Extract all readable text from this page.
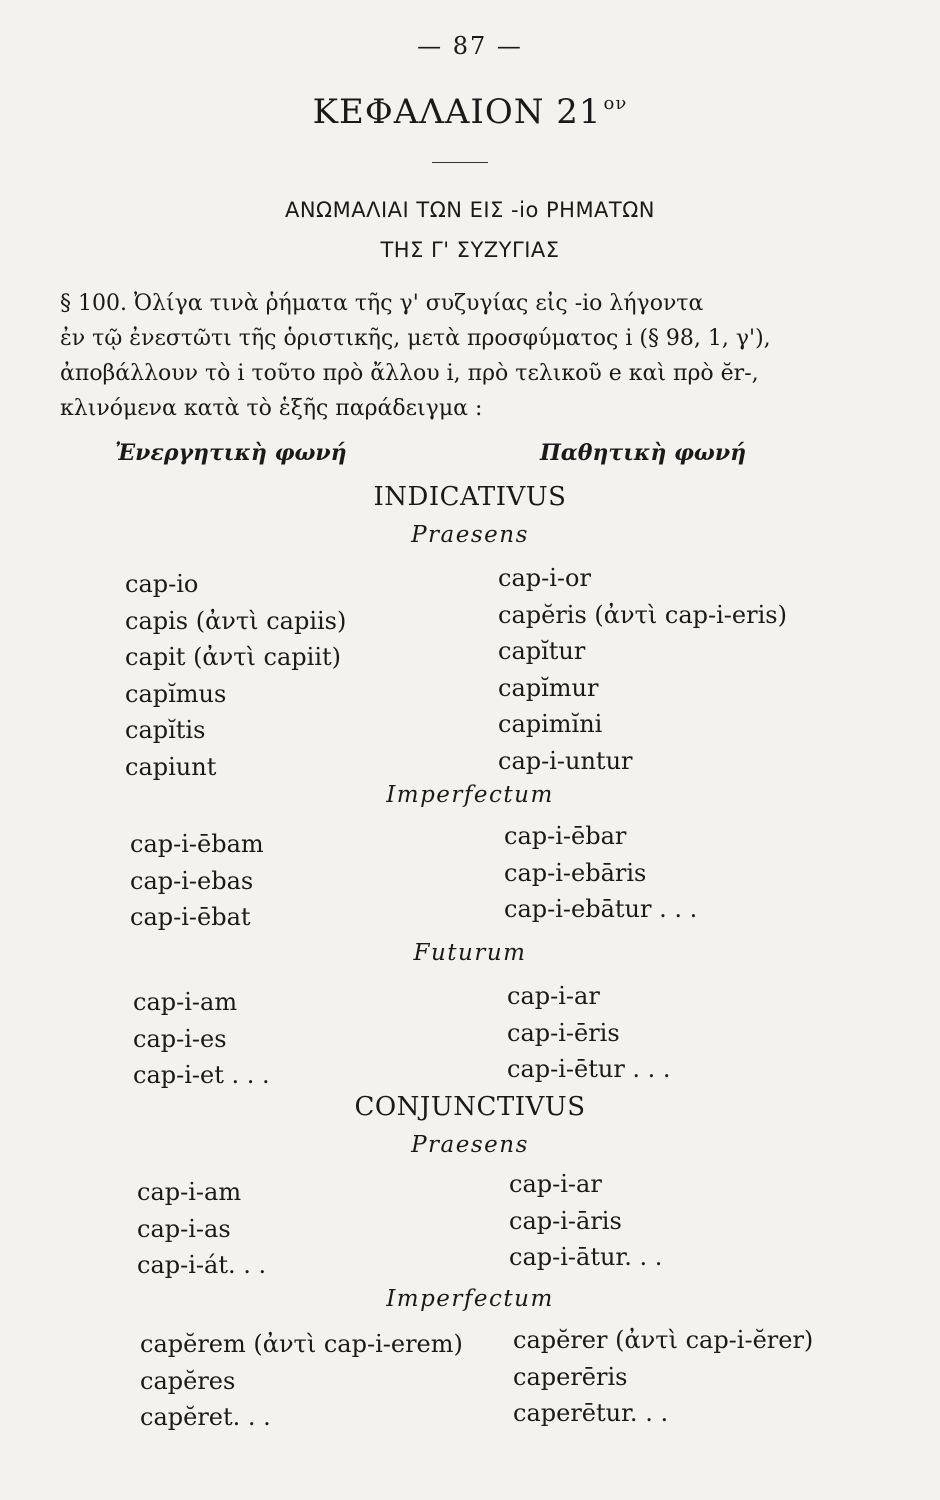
— 87 —
ΚΕΦΑΛΑΙΟΝ 21 $^{o\nu}$
ΑΝΩΜΑΛΙΑΙ ΤΩΝ ΕΙΣ -io ΡΗΜΑΤΩΝ
ΤΗΣ Γ' ΣΥΖΥΓΙΑΣ
§ 100. Ὀλίγα τινὰ ῥήματα τῆς γ' συζυγίας εἰς -io λήγοντα
ἐν τῷ ἐνεστῶτι τῆς ὁριστικῆς, μετὰ προσφύματος i (§ 98, 1, γ'),
ἀποβάλλουν τὸ i τοῦτο πρὸ ἄλλου i, πρὸ τελικοῦ e καὶ πρὸ ĕr-,
κλινόμενα κατὰ τὸ ἑξῆς παράδειγμα :
Ἐνεργητικὴ φωνή	Παθητικὴ φωνή
INDICATIVUS
Praesens
cap-io
capis (ἀντὶ capiis)
capit (ἀντὶ capiit)
capĭmus
capĭtis
capiunt
cap-i-or
capĕris (ἀντὶ cap-i-eris)
capĭtur
capĭmur
capimĭni
cap-i-untur
Imperfectum
cap-i-ēbam
cap-i-ebas
cap-i-ēbat
cap-i-ēbar
cap-i-ebāris
cap-i-ebātur . . .
Futurum
cap-i-am
cap-i-es
cap-i-et . . .
cap-i-ar
cap-i-ēris
cap-i-ētur . . .
CONJUNCTIVUS
Praesens
cap-i-am
cap-i-as
cap-i-át. . .
cap-i-ar
cap-i-āris
cap-i-ātur. . .
Imperfectum
capĕrem (ἀντὶ cap-i-erem)
capĕres
capĕret. . .
capĕrer (ἀντὶ cap-i-ĕrer)
caperēris
caperētur. . .
